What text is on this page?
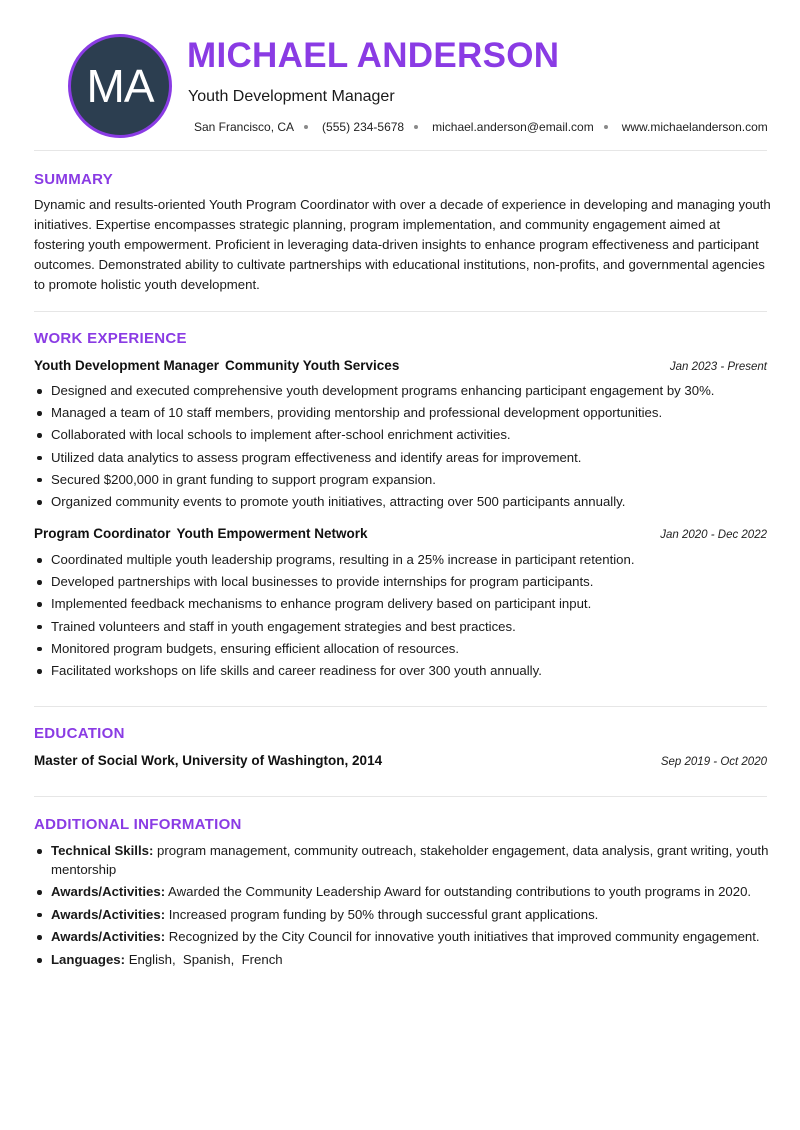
MA
MICHAEL ANDERSON
Youth Development Manager
San Francisco, CA (555) 234-5678 michael.anderson@email.com www.michaelanderson.com
SUMMARY

Dynamic and results-oriented Youth Program Coordinator with over a decade of experience in developing and managing youth initiatives. Expertise encompasses strategic planning, program implementation, and community engagement aimed at fostering youth empowerment. Proficient in leveraging data-driven insights to enhance program effectiveness and participant outcomes. Demonstrated ability to cultivate partnerships with educational institutions, non-profits, and governmental agencies to promote holistic youth development.

WORK EXPERIENCE
Youth Development Manager Community Youth Services	Jan 2023 - Present
Designed and executed comprehensive youth development programs enhancing participant engagement by 30%.
Managed a team of 10 staff members, providing mentorship and professional development opportunities.
Collaborated with local schools to implement after-school enrichment activities.
Utilized data analytics to assess program effectiveness and identify areas for improvement.
Secured $200,000 in grant funding to support program expansion.
Organized community events to promote youth initiatives, attracting over 500 participants annually.
Program Coordinator Youth Empowerment Network	Jan 2020 - Dec 2022
Coordinated multiple youth leadership programs, resulting in a 25% increase in participant retention.
Developed partnerships with local businesses to provide internships for program participants.
Implemented feedback mechanisms to enhance program delivery based on participant input.
Trained volunteers and staff in youth engagement strategies and best practices.
Monitored program budgets, ensuring efficient allocation of resources.
Facilitated workshops on life skills and career readiness for over 300 youth annually.
EDUCATION
Master of Social Work, University of Washington, 2014	Sep 2019 - Oct 2020
ADDITIONAL INFORMATION
Technical Skills: program management, community outreach, stakeholder engagement, data analysis, grant writing, youth mentorship
Awards/Activities: Awarded the Community Leadership Award for outstanding contributions to youth programs in 2020.
Awards/Activities: Increased program funding by 50% through successful grant applications.
Awards/Activities: Recognized by the City Council for innovative youth initiatives that improved community engagement.
Languages: English,  Spanish,  French
